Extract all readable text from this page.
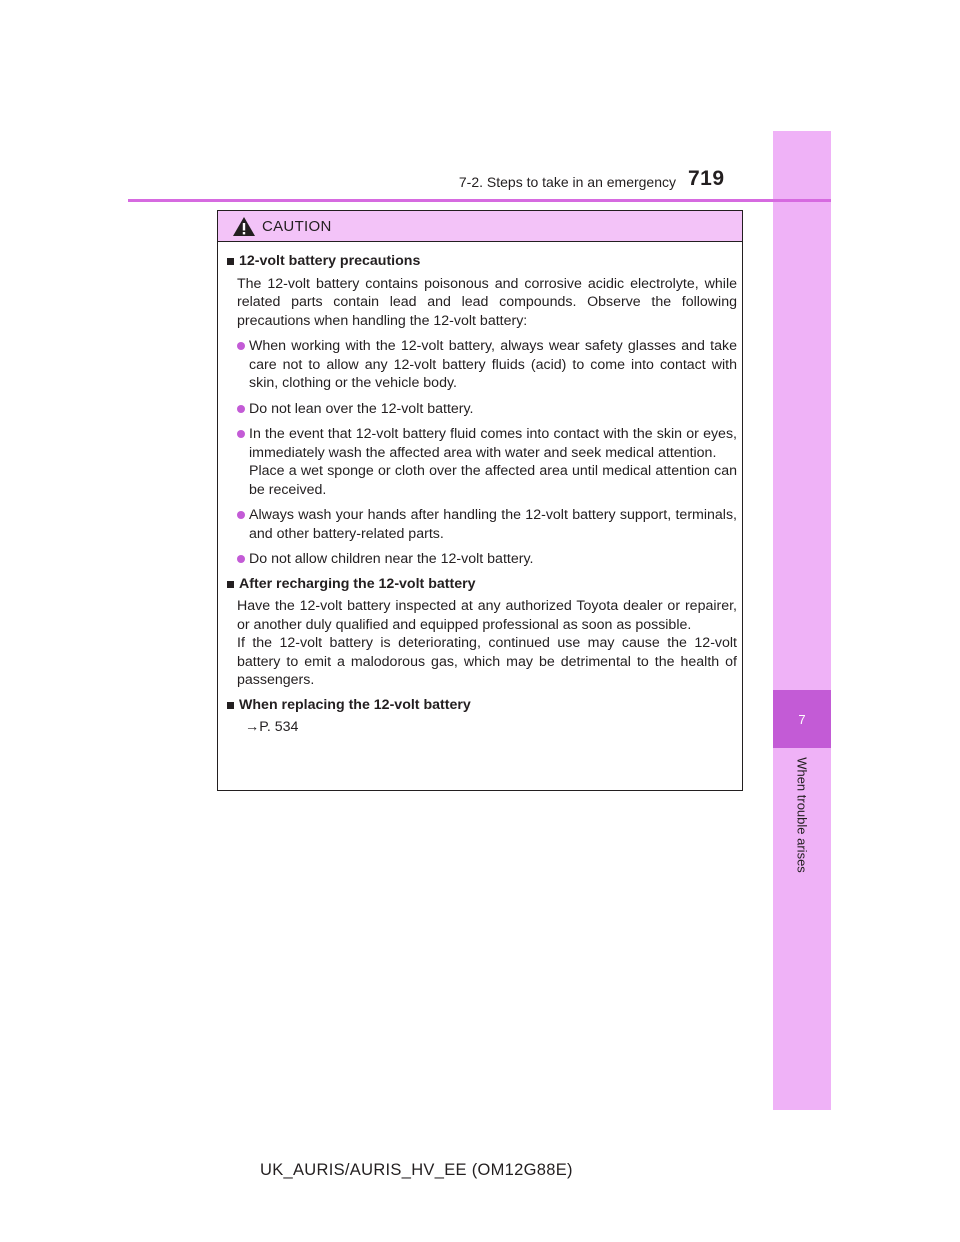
7
When trouble arises
7-2. Steps to take in an emergency 719
CAUTION
12-volt battery precautions
The 12-volt battery contains poisonous and corrosive acidic electrolyte, while related parts contain lead and lead compounds. Observe the following precautions when handling the 12-volt battery:
When working with the 12-volt battery, always wear safety glasses and take care not to allow any 12-volt battery fluids (acid) to come into contact with skin, clothing or the vehicle body.
Do not lean over the 12-volt battery.
In the event that 12-volt battery fluid comes into contact with the skin or eyes, immediately wash the affected area with water and seek medical attention.
Place a wet sponge or cloth over the affected area until medical attention can be received.
Always wash your hands after handling the 12-volt battery support, terminals, and other battery-related parts.
Do not allow children near the 12-volt battery.
After recharging the 12-volt battery
Have the 12-volt battery inspected at any authorized Toyota dealer or repairer, or another duly qualified and equipped professional as soon as possible.
If the 12-volt battery is deteriorating, continued use may cause the 12-volt battery to emit a malodorous gas, which may be detrimental to the health of passengers.
When replacing the 12-volt battery
→P. 534
UK_AURIS/AURIS_HV_EE (OM12G88E)
